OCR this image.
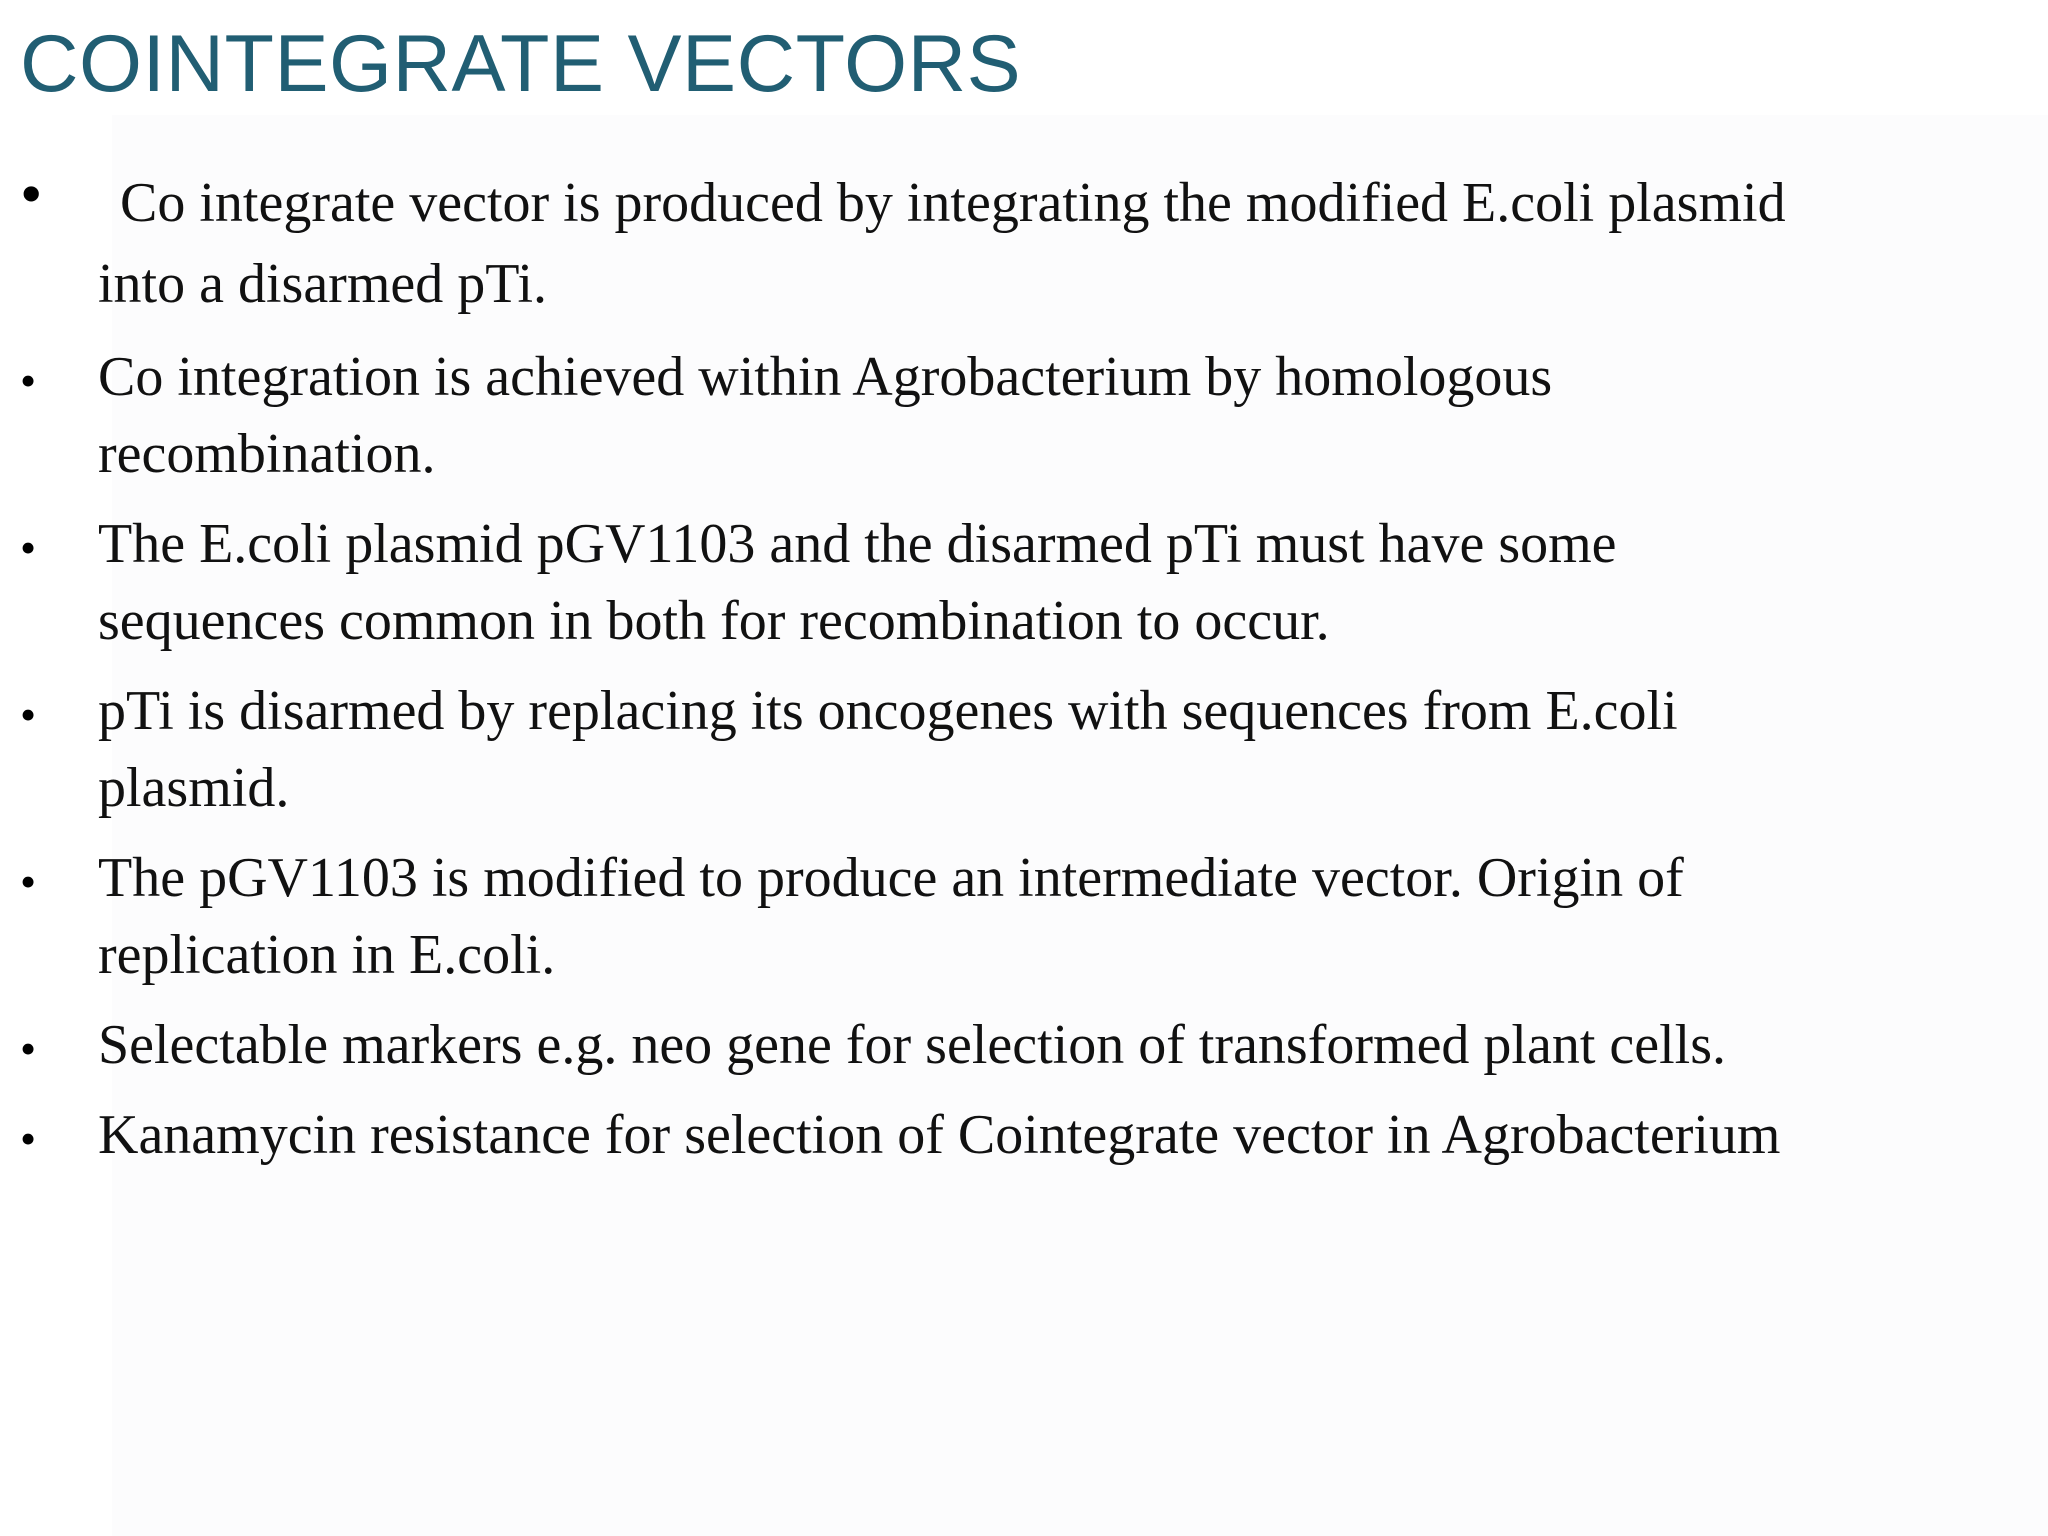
COINTEGRATE VECTORS
•	Co integrate vector is produced by integrating the modified E.coli plasmid
into a disarmed pTi.
• Co integration is achieved within Agrobacterium by homologous
recombination.
• The E.coli plasmid pGV1103 and the disarmed pTi must have some
sequences common in both for recombination to occur.
• pTi is disarmed by replacing its oncogenes with sequences from E.coli
plasmid.
• The pGV1103 is modified to produce an intermediate vector. Origin of
replication in E.coli.
• Selectable markers e.g. neo gene for selection of transformed plant cells.
• Kanamycin resistance for selection of Cointegrate vector in Agrobacterium
